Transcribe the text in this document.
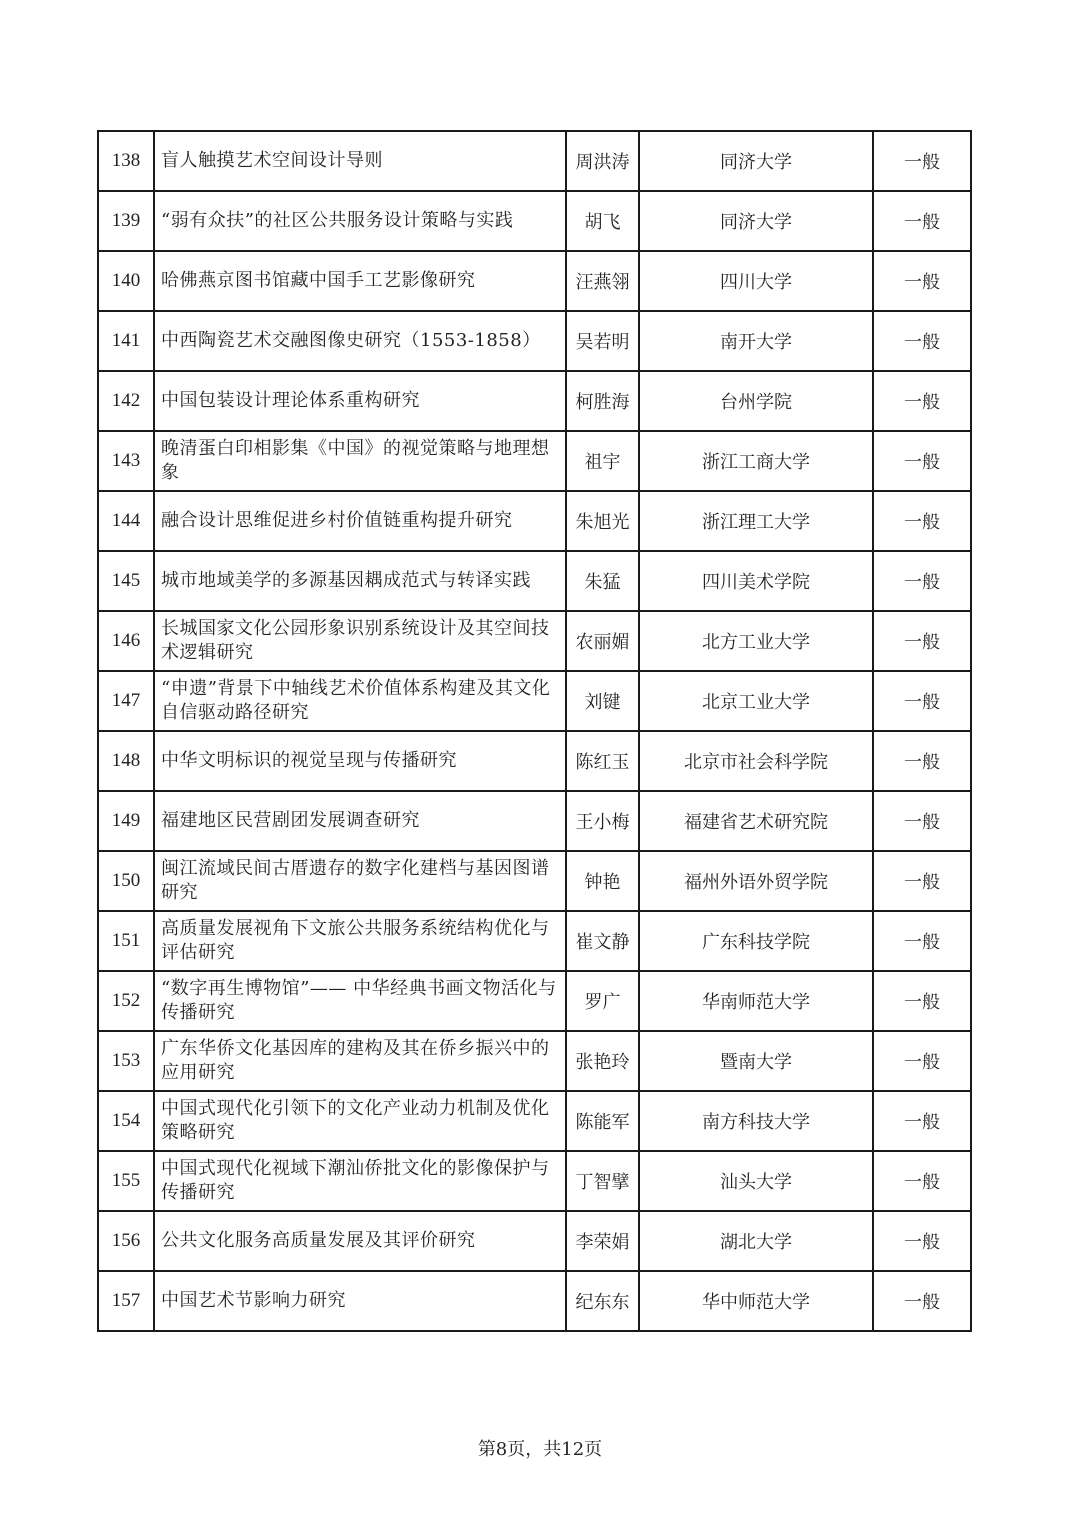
138	盲人触摸艺术空间设计导则	周洪涛	同济大学	一般
139	“弱有众扶”的社区公共服务设计策略与实践	胡飞	同济大学	一般
140	哈佛燕京图书馆藏中国手工艺影像研究	汪燕翎	四川大学	一般
141	中西陶瓷艺术交融图像史研究（1553-1858）	吴若明	南开大学	一般
142	中国包装设计理论体系重构研究	柯胜海	台州学院	一般
143	晚清蛋白印相影集《中国》的视觉策略与地理想象	祖宇	浙江工商大学	一般
144	融合设计思维促进乡村价值链重构提升研究	朱旭光	浙江理工大学	一般
145	城市地域美学的多源基因耦成范式与转译实践	朱猛	四川美术学院	一般
146	长城国家文化公园形象识别系统设计及其空间技术逻辑研究	农丽媚	北方工业大学	一般
147	“申遗”背景下中轴线艺术价值体系构建及其文化自信驱动路径研究	刘键	北京工业大学	一般
148	中华文明标识的视觉呈现与传播研究	陈红玉	北京市社会科学院	一般
149	福建地区民营剧团发展调查研究	王小梅	福建省艺术研究院	一般
150	闽江流域民间古厝遗存的数字化建档与基因图谱研究	钟艳	福州外语外贸学院	一般
151	高质量发展视角下文旅公共服务系统结构优化与评估研究	崔文静	广东科技学院	一般
152	“数字再生博物馆”—— 中华经典书画文物活化与传播研究	罗广	华南师范大学	一般
153	广东华侨文化基因库的建构及其在侨乡振兴中的应用研究	张艳玲	暨南大学	一般
154	中国式现代化引领下的文化产业动力机制及优化策略研究	陈能军	南方科技大学	一般
155	中国式现代化视域下潮汕侨批文化的影像保护与传播研究	丁智擘	汕头大学	一般
156	公共文化服务高质量发展及其评价研究	李荣娟	湖北大学	一般
157	中国艺术节影响力研究	纪东东	华中师范大学	一般
第8页，共12页
